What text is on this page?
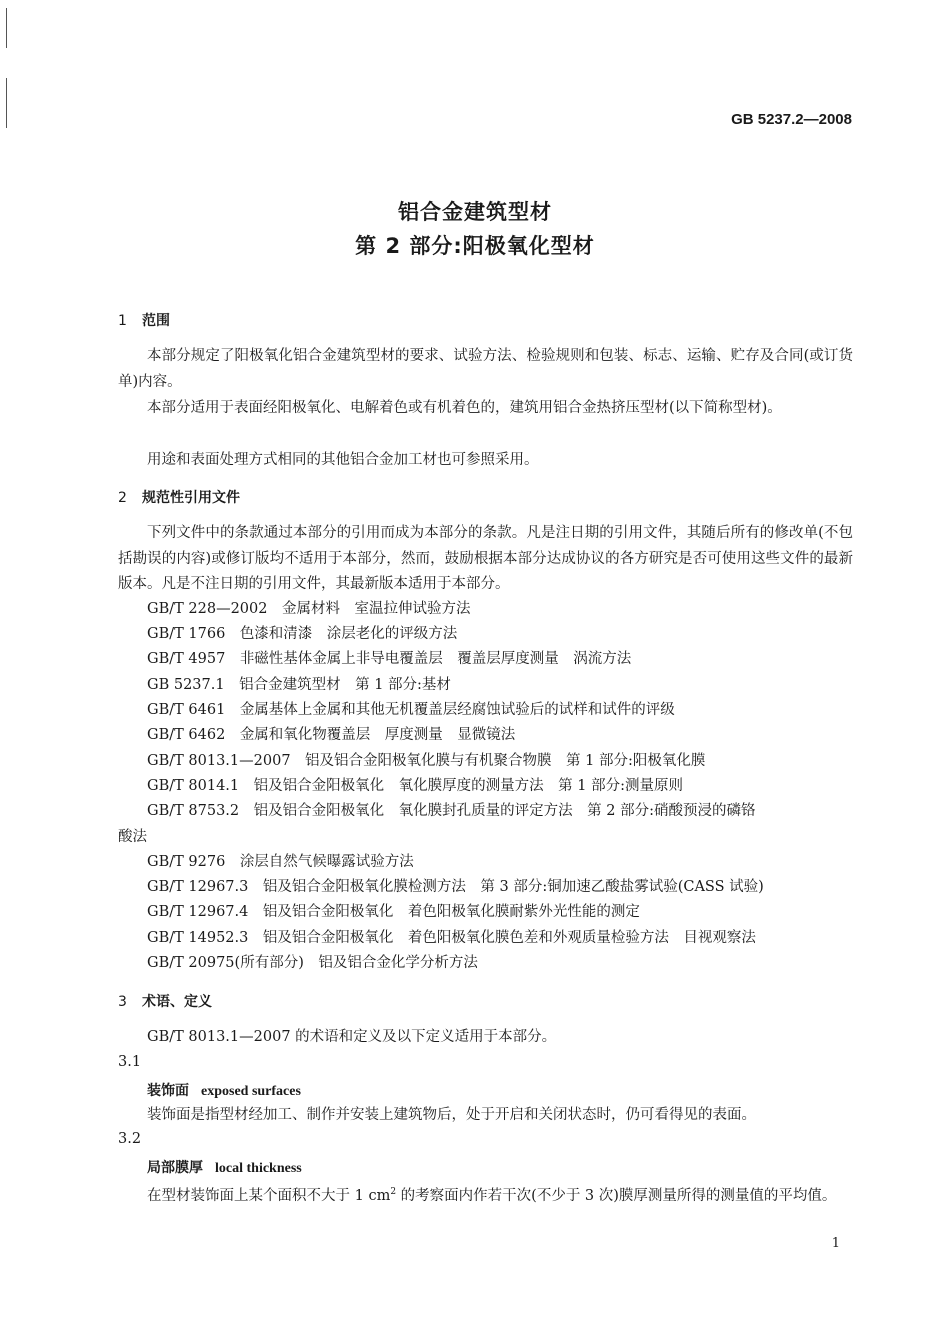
GB 5237.2—2008
铝合金建筑型材
第 2 部分:阳极氧化型材
1 范围

本部分规定了阳极氧化铝合金建筑型材的要求、试验方法、检验规则和包装、标志、运输、贮存及合同(或订货单)内容。

本部分适用于表面经阳极氧化、电解着色或有机着色的，建筑用铝合金热挤压型材(以下简称型材)。

用途和表面处理方式相同的其他铝合金加工材也可参照采用。

2 规范性引用文件

下列文件中的条款通过本部分的引用而成为本部分的条款。凡是注日期的引用文件，其随后所有的修改单(不包括勘误的内容)或修订版均不适用于本部分，然而，鼓励根据本部分达成协议的各方研究是否可使用这些文件的最新版本。凡是不注日期的引用文件，其最新版本适用于本部分。

GB/T 228—2002　 金属材料　室温拉伸试验方法
GB/T 1766　 色漆和清漆　涂层老化的评级方法
GB/T 4957　 非磁性基体金属上非导电覆盖层　覆盖层厚度测量　涡流方法
GB 5237.1　 铝合金建筑型材　第 1 部分:基材
GB/T 6461　 金属基体上金属和其他无机覆盖层经腐蚀试验后的试样和试件的评级
GB/T 6462　 金属和氧化物覆盖层　厚度测量　显微镜法
GB/T 8013.1—2007　 铝及铝合金阳极氧化膜与有机聚合物膜　第 1 部分:阳极氧化膜
GB/T 8014.1　 铝及铝合金阳极氧化　氧化膜厚度的测量方法　第 1 部分:测量原则
GB/T 8753.2　 铝及铝合金阳极氧化　氧化膜封孔质量的评定方法　第 2 部分:硝酸预浸的磷铬
酸法
GB/T 9276　 涂层自然气候曝露试验方法
GB/T 12967.3　 铝及铝合金阳极氧化膜检测方法　第 3 部分:铜加速乙酸盐雾试验(CASS 试验)
GB/T 12967.4　 铝及铝合金阳极氧化　着色阳极氧化膜耐紫外光性能的测定
GB/T 14952.3　 铝及铝合金阳极氧化　着色阳极氧化膜色差和外观质量检验方法　目视观察法
GB/T 20975(所有部分)　 铝及铝合金化学分析方法
3 术语、定义

GB/T 8013.1—2007 的术语和定义及以下定义适用于本部分。

3.1
装饰面 exposed surfaces

装饰面是指型材经加工、制作并安装上建筑物后，处于开启和关闭状态时，仍可看得见的表面。

3.2
局部膜厚 local thickness

在型材装饰面上某个面积不大于 1 $cm^2$ 的考察面内作若干次(不少于 3 次)膜厚测量所得的测量值的平均值。

1
